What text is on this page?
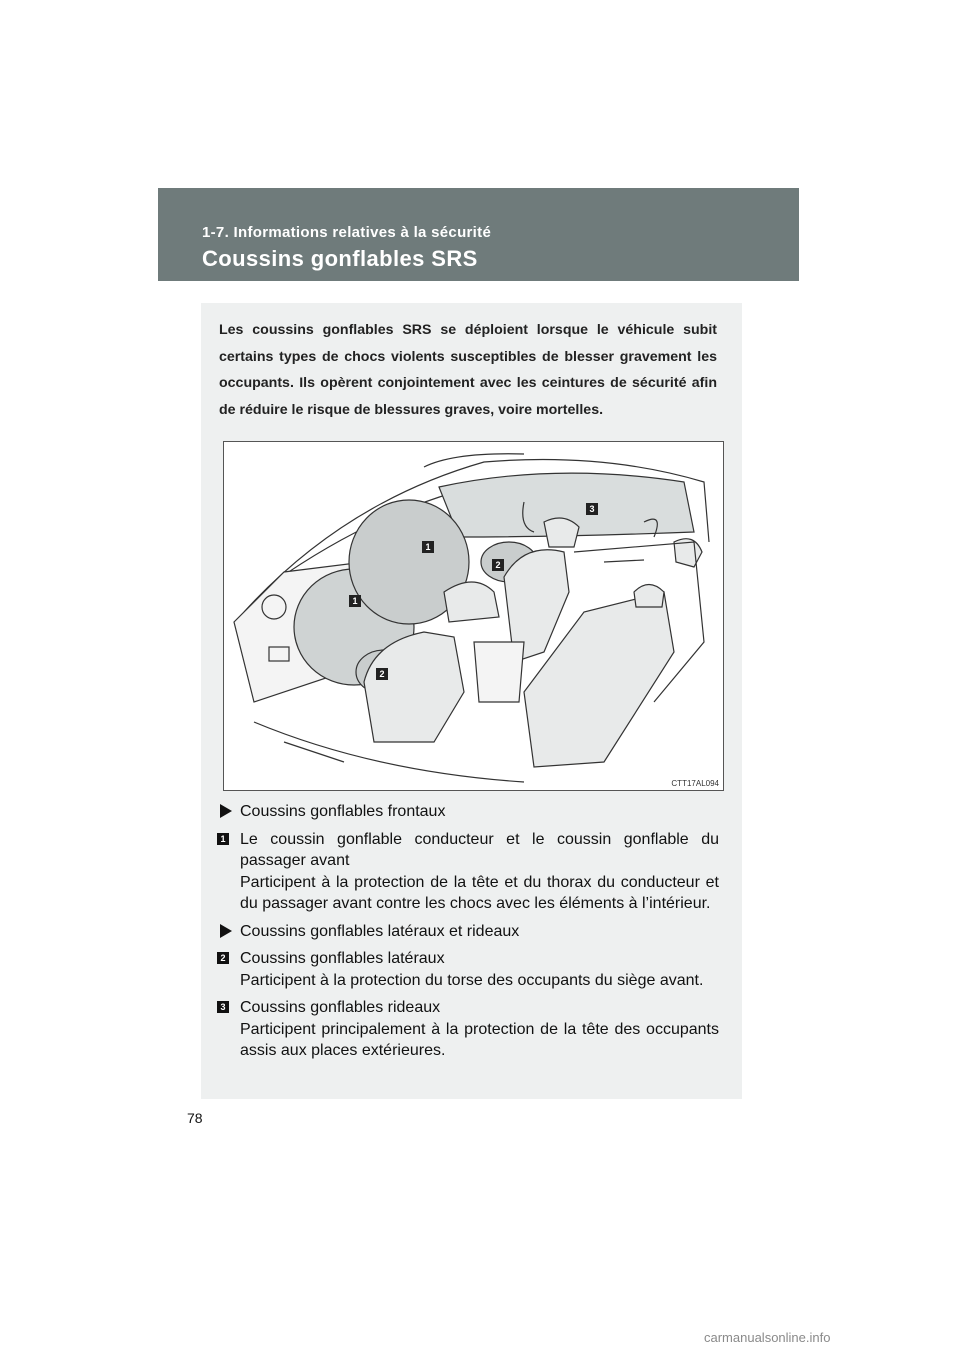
1-7. Informations relatives à la sécurité
Coussins gonflables SRS
Les coussins gonflables SRS se déploient lorsque le véhicule subit certains types de chocs violents susceptibles de blesser gravement les occupants. Ils opèrent conjointement avec les ceintures de sécurité afin de réduire le risque de blessures graves, voire mortelles.
1
1
2
2
3
CTT17AL094
Coussins gonflables frontaux
1 Le coussin gonflable conducteur et le coussin gonflable du passager avant
Participent à la protection de la tête et du thorax du conducteur et du passager avant contre les chocs avec les éléments à l’intérieur.
Coussins gonflables latéraux et rideaux
2 Coussins gonflables latéraux
Participent à la protection du torse des occupants du siège avant.
3 Coussins gonflables rideaux
Participent principalement à la protection de la tête des occupants assis aux places extérieures.
78
carmanualsonline.info
